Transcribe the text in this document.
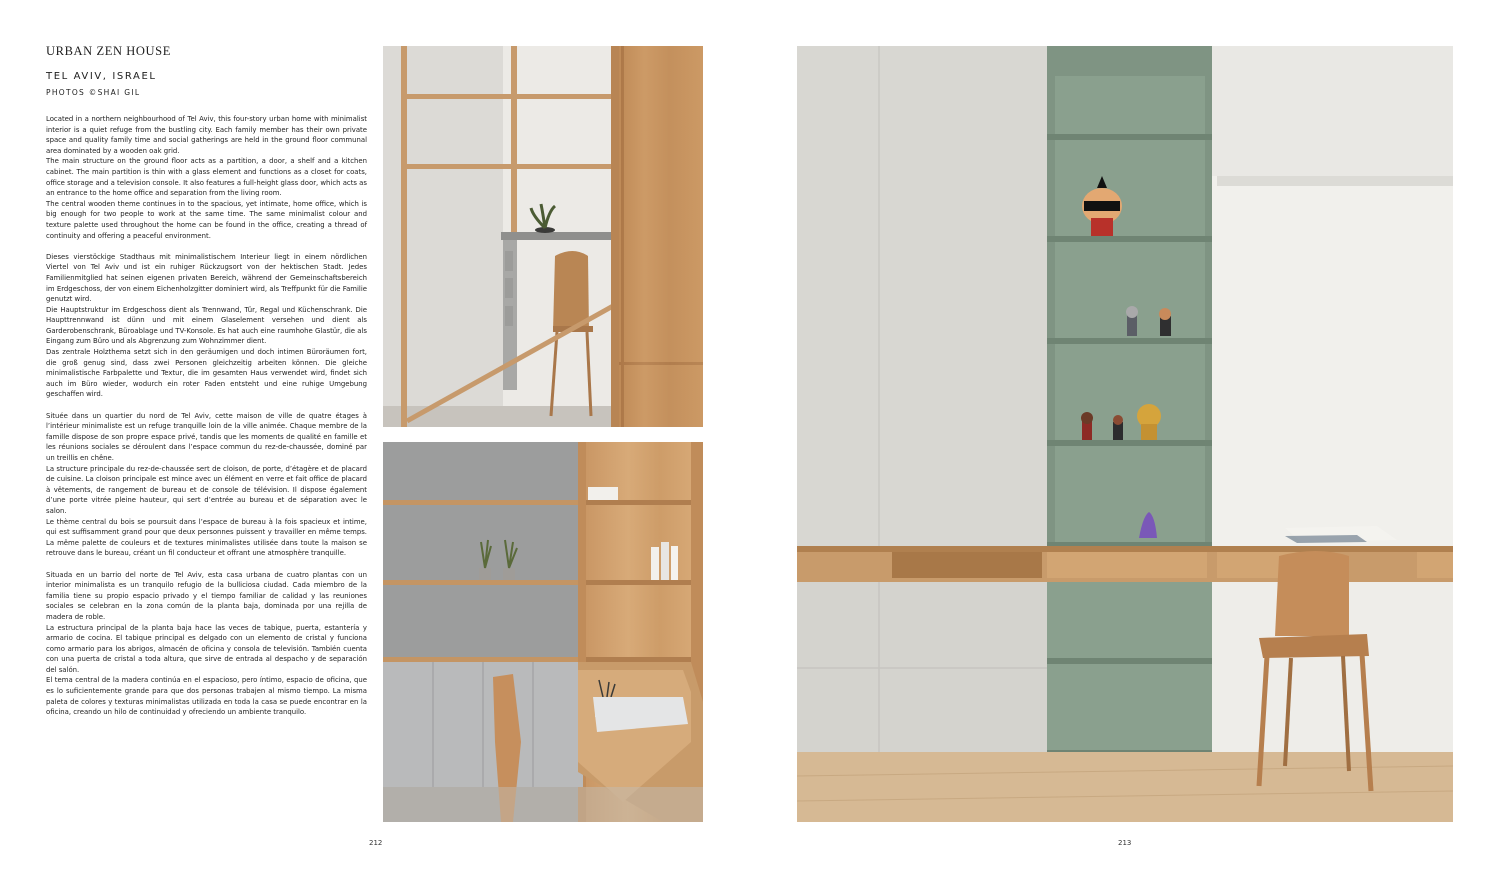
URBAN ZEN HOUSE
TEL AVIV, ISRAEL
PHOTOS ©SHAI GIL

Located in a northern neighbourhood of Tel Aviv, this four-story urban home with minimalist interior is a quiet refuge from the bustling city. Each family member has their own private space and quality family time and social gatherings are held in the ground floor communal area dominated by a wooden oak grid.

The main structure on the ground floor acts as a partition, a door, a shelf and a kitchen cabinet. The main partition is thin with a glass element and functions as a closet for coats, office storage and a television console. It also features a full-height glass door, which acts as an entrance to the home office and separation from the living room.

The central wooden theme continues in to the spacious, yet intimate, home office, which is big enough for two people to work at the same time. The same minimalist colour and texture palette used throughout the home can be found in the office, creating a thread of continuity and offering a peaceful environment.

Dieses vierstöckige Stadthaus mit minimalistischem Interieur liegt in einem nördlichen Viertel von Tel Aviv und ist ein ruhiger Rückzugsort von der hektischen Stadt. Jedes Familienmitglied hat seinen eigenen privaten Bereich, während der Gemeinschaftsbereich im Erdgeschoss, der von einem Eichenholzgitter dominiert wird, als Treffpunkt für die Familie genutzt wird.

Die Hauptstruktur im Erdgeschoss dient als Trennwand, Tür, Regal und Küchenschrank. Die Haupttrennwand ist dünn und mit einem Glaselement versehen und dient als Garderobenschrank, Büroablage und TV-Konsole. Es hat auch eine raumhohe Glastür, die als Eingang zum Büro und als Abgrenzung zum Wohnzimmer dient.

Das zentrale Holzthema setzt sich in den geräumigen und doch intimen Büroräumen fort, die groß genug sind, dass zwei Personen gleichzeitig arbeiten können. Die gleiche minimalistische Farbpalette und Textur, die im gesamten Haus verwendet wird, findet sich auch im Büro wieder, wodurch ein roter Faden entsteht und eine ruhige Umgebung geschaffen wird.

Située dans un quartier du nord de Tel Aviv, cette maison de ville de quatre étages à l’intérieur minimaliste est un refuge tranquille loin de la ville animée. Chaque membre de la famille dispose de son propre espace privé, tandis que les moments de qualité en famille et les réunions sociales se déroulent dans l’espace commun du rez-de-chaussée, dominé par un treillis en chêne.

La structure principale du rez-de-chaussée sert de cloison, de porte, d’étagère et de placard de cuisine. La cloison principale est mince avec un élément en verre et fait office de placard à vêtements, de rangement de bureau et de console de télévision. Il dispose également d’une porte vitrée pleine hauteur, qui sert d’entrée au bureau et de séparation avec le salon.

Le thème central du bois se poursuit dans l’espace de bureau à la fois spacieux et intime, qui est suffisamment grand pour que deux personnes puissent y travailler en même temps. La même palette de couleurs et de textures minimalistes utilisée dans toute la maison se retrouve dans le bureau, créant un fil conducteur et offrant une atmosphère tranquille.

Situada en un barrio del norte de Tel Aviv, esta casa urbana de cuatro plantas con un interior minimalista es un tranquilo refugio de la bulliciosa ciudad. Cada miembro de la familia tiene su propio espacio privado y el tiempo familiar de calidad y las reuniones sociales se celebran en la zona común de la planta baja, dominada por una rejilla de madera de roble.

La estructura principal de la planta baja hace las veces de tabique, puerta, estantería y armario de cocina. El tabique principal es delgado con un elemento de cristal y funciona como armario para los abrigos, almacén de oficina y consola de televisión. También cuenta con una puerta de cristal a toda altura, que sirve de entrada al despacho y de separación del salón.

El tema central de la madera continúa en el espacioso, pero íntimo, espacio de oficina, que es lo suficientemente grande para que dos personas trabajen al mismo tiempo. La misma paleta de colores y texturas minimalistas utilizada en toda la casa se puede encontrar en la oficina, creando un hilo de continuidad y ofreciendo un ambiente tranquilo.

212	213
